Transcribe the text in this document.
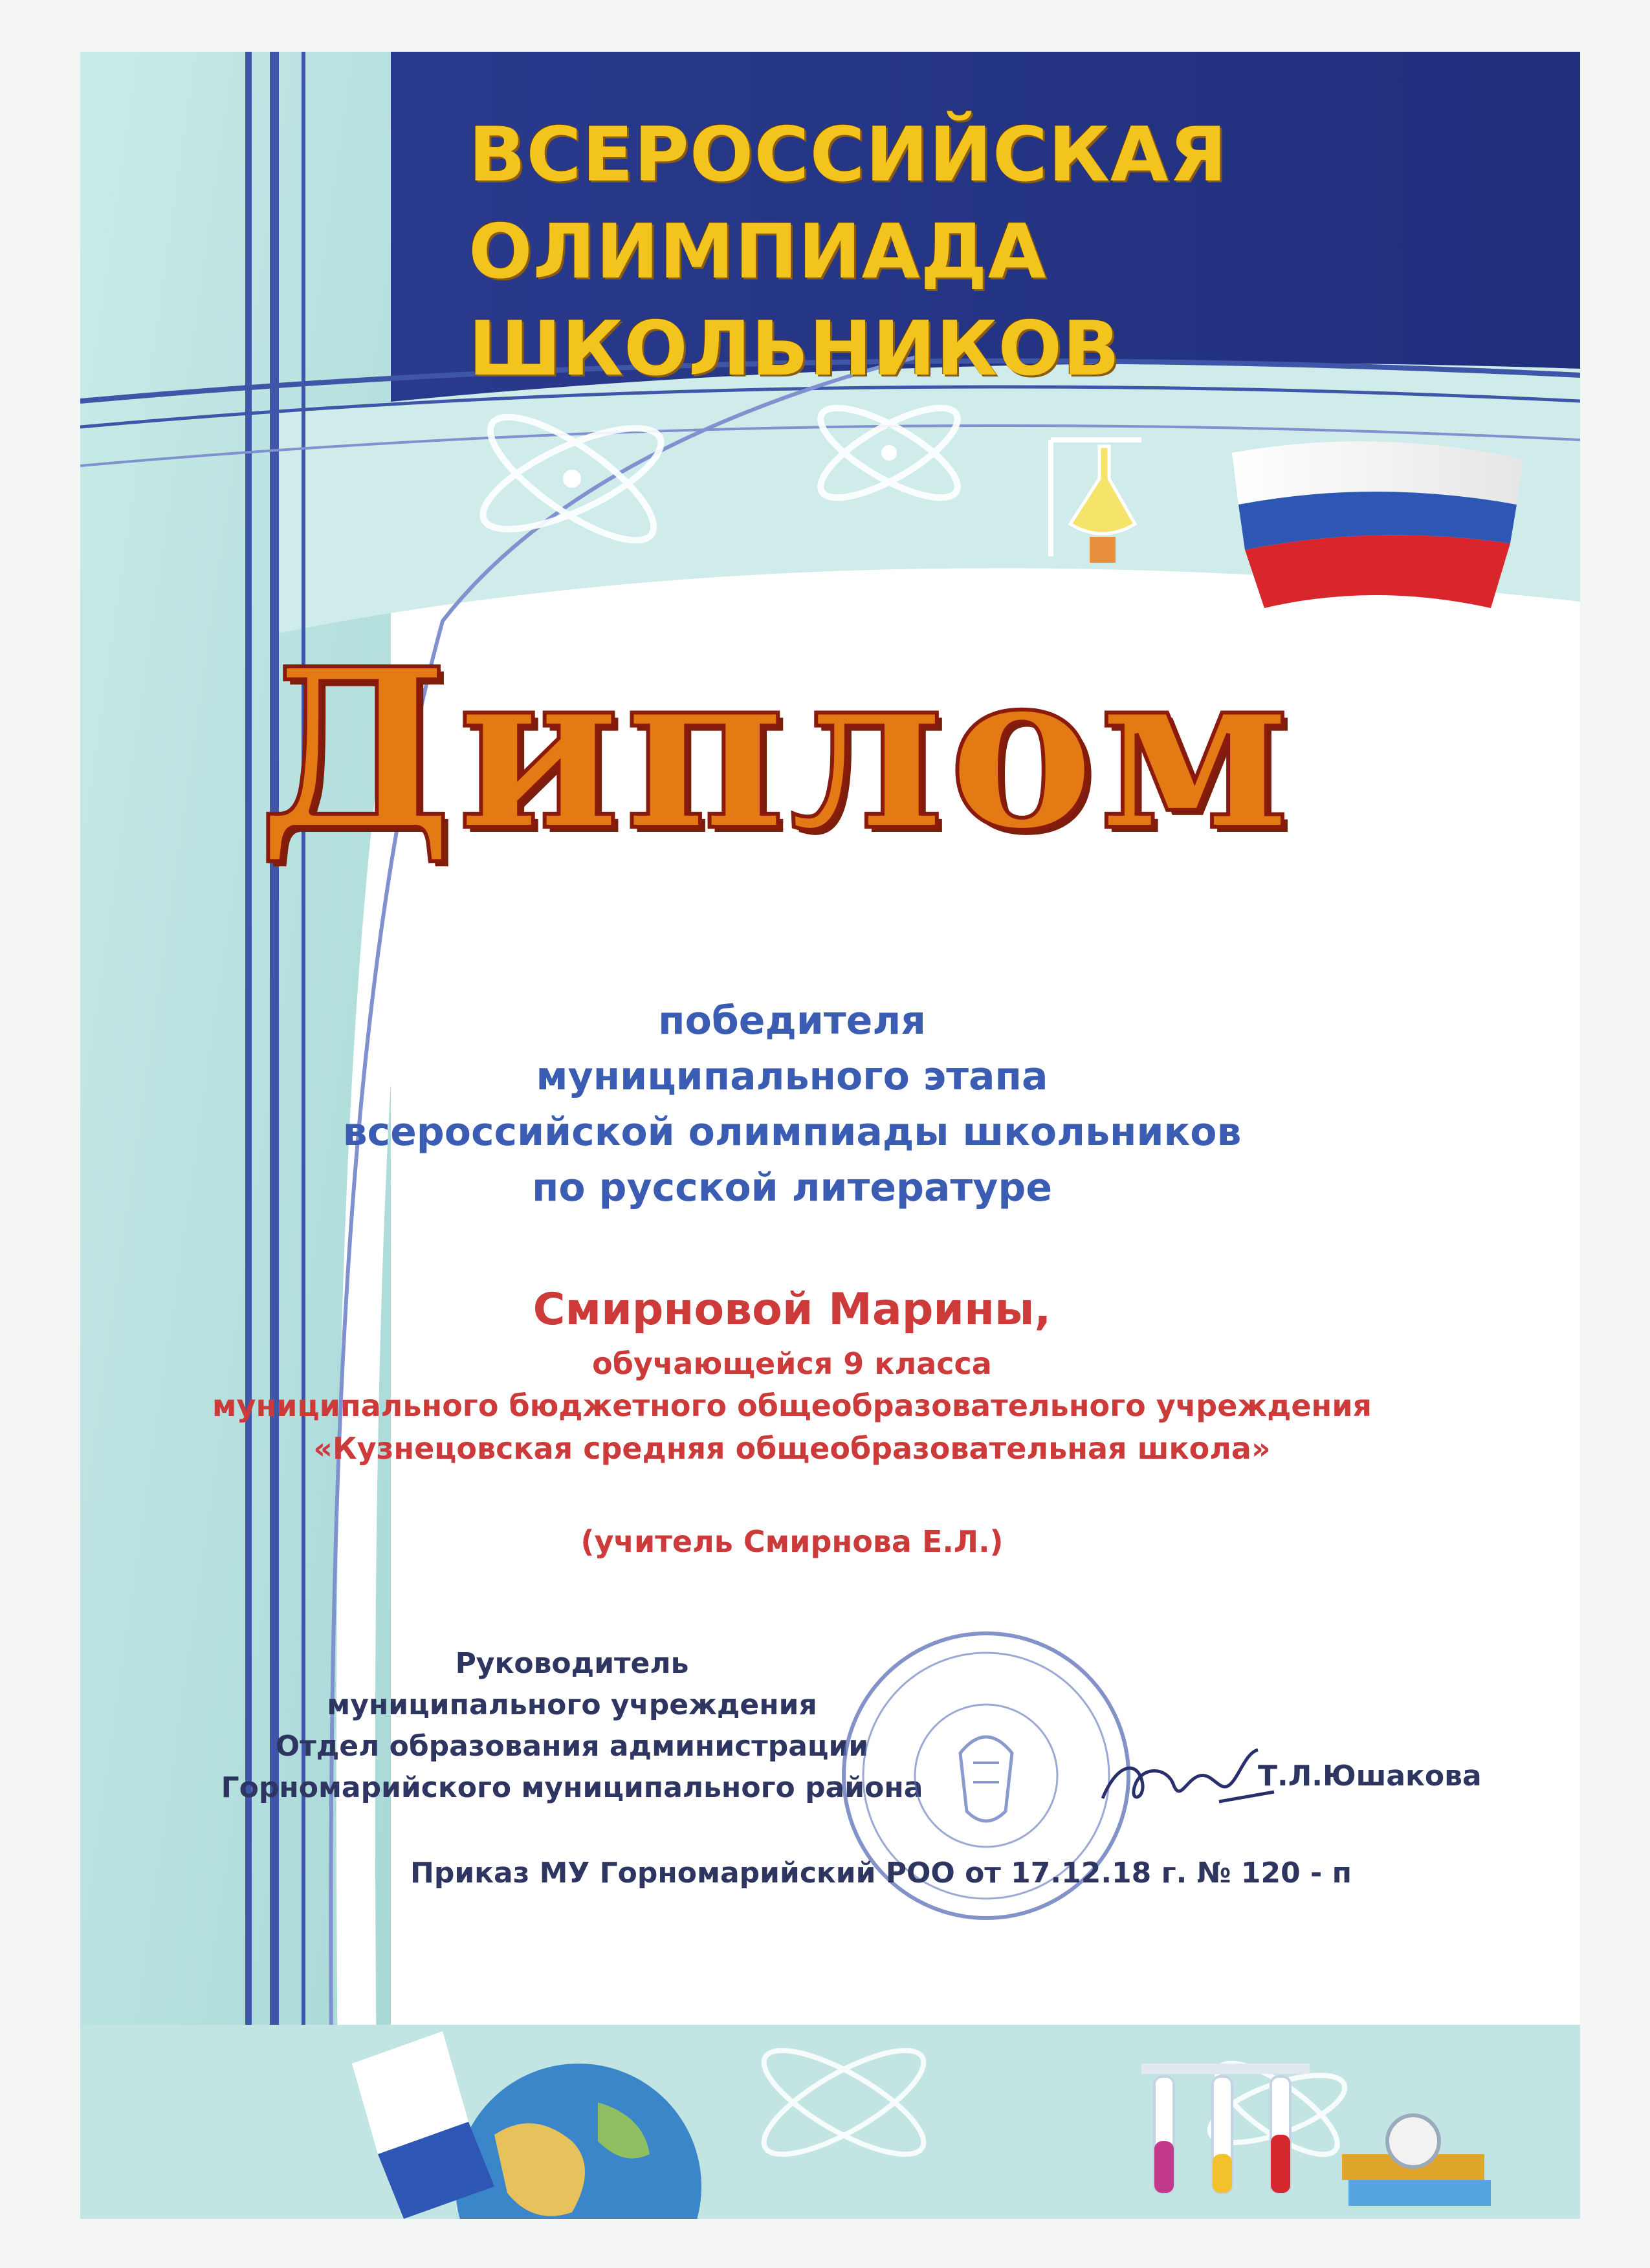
ВСЕРОССИЙСКАЯ ОЛИМПИАДА
ШКОЛЬНИКОВ
Диплом
победителя
муниципального этапа
всероссийской олимпиады школьников
по русской литературе
Смирновой Марины,
обучающейся 9 класса
муниципального бюджетного общеобразовательного учреждения
«Кузнецовская средняя общеобразовательная школа»
(учитель Смирнова Е.Л.)
Руководитель
муниципального учреждения
Отдел образования администрации
Горномарийского муниципального района	Т.Л.Юшакова
Приказ МУ Горномарийский РОО от 17.12.18 г. № 120 - п
